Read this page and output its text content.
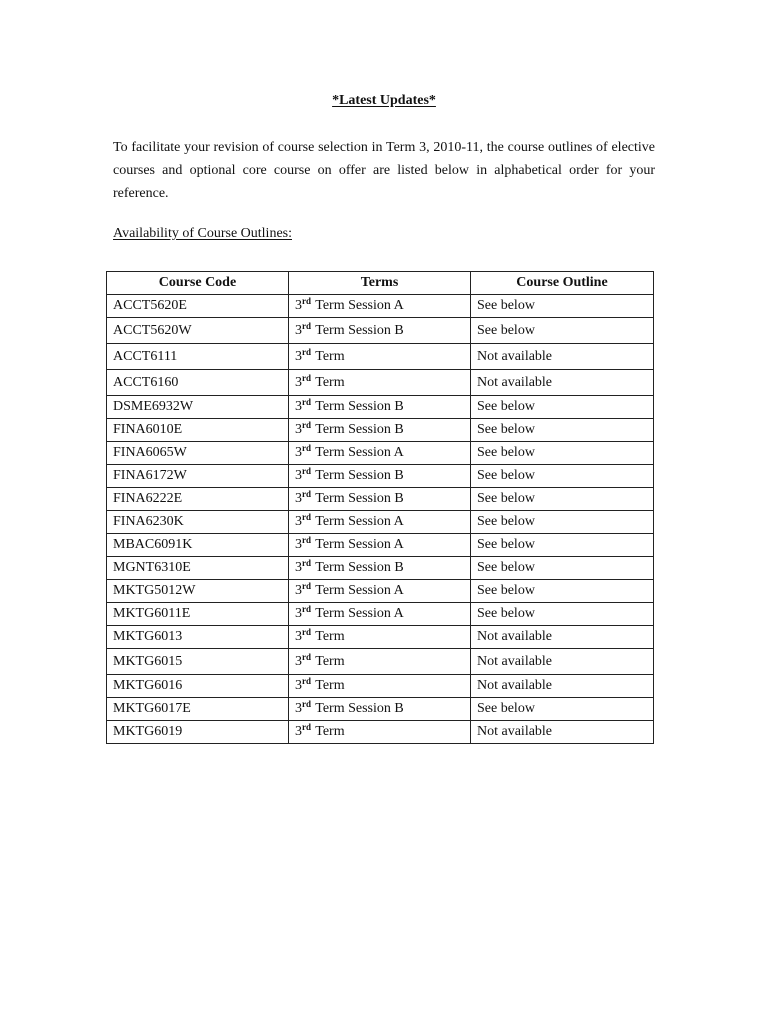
*Latest Updates*
To facilitate your revision of course selection in Term 3, 2010-11, the course outlines of elective courses and optional core course on offer are listed below in alphabetical order for your reference.
Availability of Course Outlines:
Course Code	Terms	Course Outline
ACCT5620E	3rd Term Session A	See below
ACCT5620W	3rd Term Session B	See below
ACCT6111	3rd Term	Not available
ACCT6160	3rd Term	Not available
DSME6932W	3rd Term Session B	See below
FINA6010E	3rd Term Session B	See below
FINA6065W	3rd Term Session A	See below
FINA6172W	3rd Term Session B	See below
FINA6222E	3rd Term Session B	See below
FINA6230K	3rd Term Session A	See below
MBAC6091K	3rd Term Session A	See below
MGNT6310E	3rd Term Session B	See below
MKTG5012W	3rd Term Session A	See below
MKTG6011E	3rd Term Session A	See below
MKTG6013	3rd Term	Not available
MKTG6015	3rd Term	Not available
MKTG6016	3rd Term	Not available
MKTG6017E	3rd Term Session B	See below
MKTG6019	3rd Term	Not available
